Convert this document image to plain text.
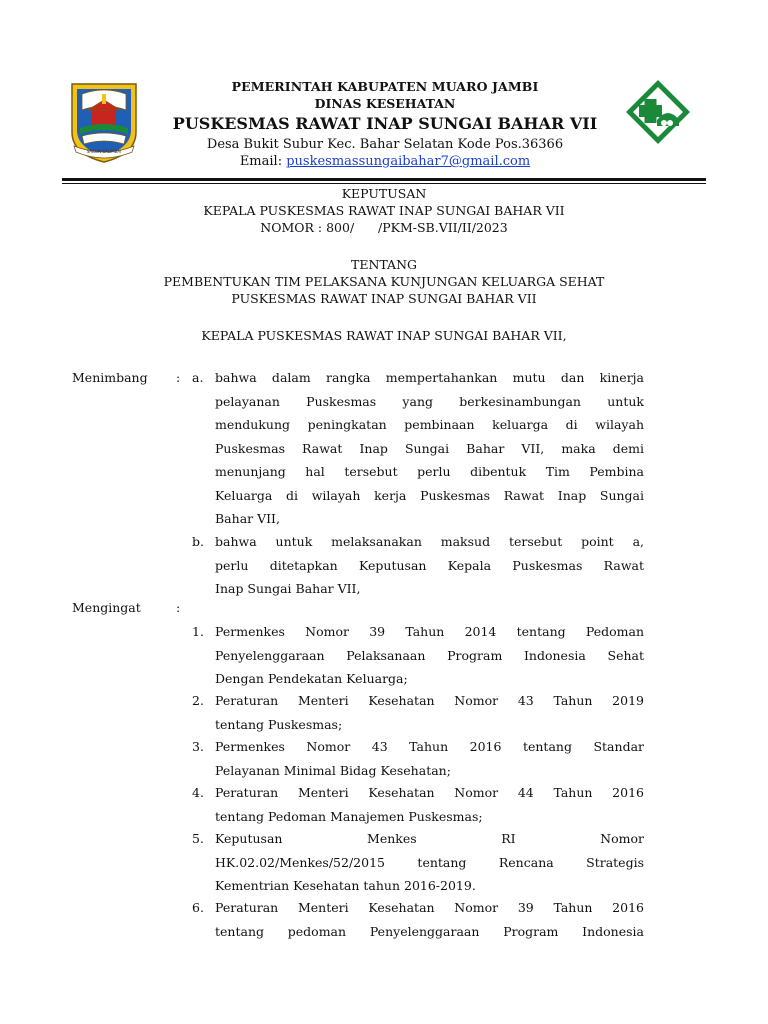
SAILUN SALIMBAI
PEMERINTAH KABUPATEN MUARO JAMBI
DINAS KESEHATAN
PUSKESMAS RAWAT INAP SUNGAI BAHAR VII
Desa Bukit Subur Kec. Bahar Selatan Kode Pos.36366
Email: puskesmassungaibahar7@gmail.com
KEPUTUSAN
KEPALA PUSKESMAS RAWAT INAP SUNGAI BAHAR VII
NOMOR : 800/      /PKM-SB.VII/II/2023
TENTANG
PEMBENTUKAN TIM PELAKSANA KUNJUNGAN KELUARGA SEHAT
PUSKESMAS RAWAT INAP SUNGAI BAHAR VII
KEPALA PUSKESMAS RAWAT INAP SUNGAI BAHAR VII,
Menimbang	: a. bahwa dalam rangka mempertahankan mutu dan kinerja
pelayanan Puskesmas yang berkesinambungan untuk
mendukung peningkatan pembinaan keluarga di wilayah
Puskesmas Rawat Inap Sungai Bahar VII, maka demi
menunjang hal tersebut perlu dibentuk Tim Pembina
Keluarga di wilayah kerja Puskesmas Rawat Inap Sungai
Bahar VII,
b. bahwa untuk melaksanakan maksud tersebut point a,
perlu ditetapkan Keputusan Kepala Puskesmas Rawat
Inap Sungai Bahar VII,
Mengingat	:
1. Permenkes Nomor 39 Tahun 2014 tentang Pedoman
Penyelenggaraan Pelaksanaan Program Indonesia Sehat
Dengan Pendekatan Keluarga;
2. Peraturan Menteri Kesehatan Nomor 43 Tahun 2019
tentang Puskesmas;
3. Permenkes Nomor 43 Tahun 2016 tentang Standar
Pelayanan Minimal Bidag Kesehatan;
4. Peraturan Menteri Kesehatan Nomor 44 Tahun 2016
tentang Pedoman Manajemen Puskesmas;
5. Keputusan Menkes RI Nomor
HK.02.02/Menkes/52/2015 tentang Rencana Strategis
Kementrian Kesehatan tahun 2016-2019.
6. Peraturan Menteri Kesehatan Nomor 39 Tahun 2016
tentang pedoman Penyelenggaraan Program Indonesia
